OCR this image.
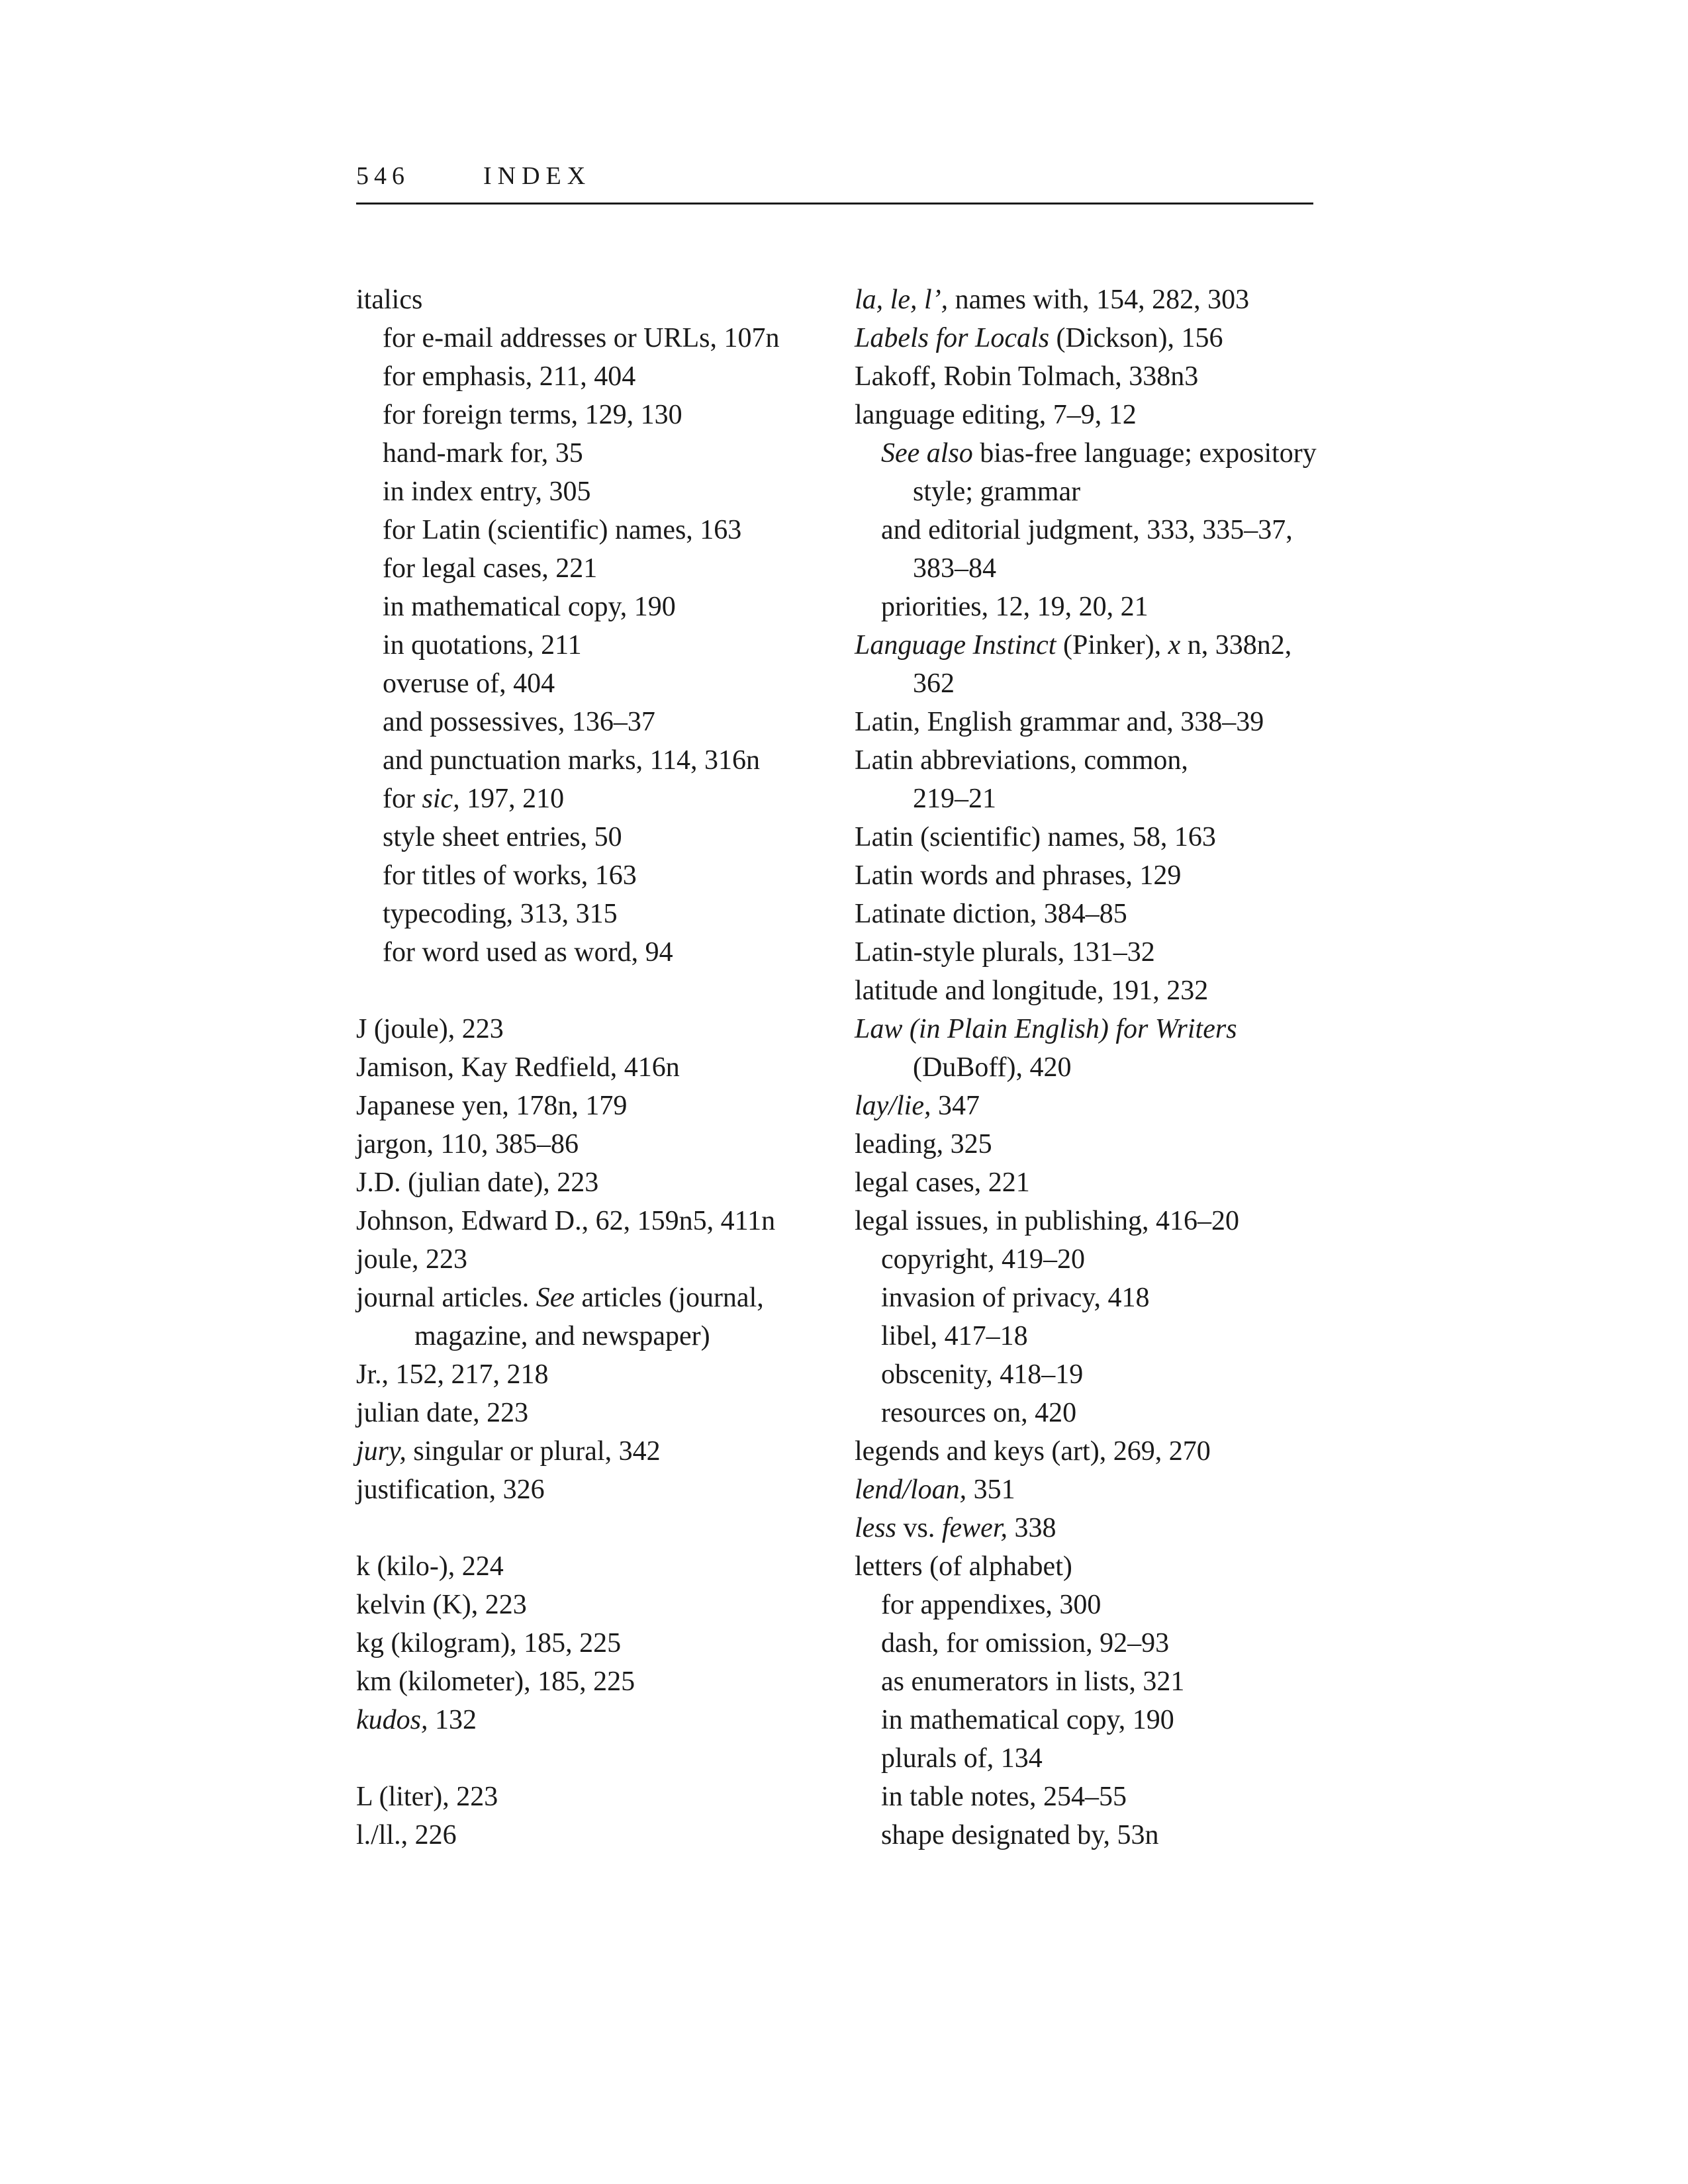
546	INDEX
italics
for e-mail addresses or URLs, 107n
for emphasis, 211, 404
for foreign terms, 129, 130
hand-mark for, 35
in index entry, 305
for Latin (scientific) names, 163
for legal cases, 221
in mathematical copy, 190
in quotations, 211
overuse of, 404
and possessives, 136–37
and punctuation marks, 114, 316n
for sic, 197, 210
style sheet entries, 50
for titles of works, 163
typecoding, 313, 315
for word used as word, 94
J (joule), 223
Jamison, Kay Redfield, 416n
Japanese yen, 178n, 179
jargon, 110, 385–86
J.D. (julian date), 223
Johnson, Edward D., 62, 159n5, 411n
joule, 223
journal articles. See articles (journal,
magazine, and newspaper)
Jr., 152, 217, 218
julian date, 223
jury, singular or plural, 342
justification, 326
k (kilo-), 224
kelvin (K), 223
kg (kilogram), 185, 225
km (kilometer), 185, 225
kudos, 132
L (liter), 223
l./ll., 226
la, le, l’, names with, 154, 282, 303
Labels for Locals (Dickson), 156
Lakoff, Robin Tolmach, 338n3
language editing, 7–9, 12
See also bias-free language; expository
style; grammar
and editorial judgment, 333, 335–37,
383–84
priorities, 12, 19, 20, 21
Language Instinct (Pinker), x n, 338n2,
362
Latin, English grammar and, 338–39
Latin abbreviations, common,
219–21
Latin (scientific) names, 58, 163
Latin words and phrases, 129
Latinate diction, 384–85
Latin-style plurals, 131–32
latitude and longitude, 191, 232
Law (in Plain English) for Writers
(DuBoff), 420
lay/lie, 347
leading, 325
legal cases, 221
legal issues, in publishing, 416–20
copyright, 419–20
invasion of privacy, 418
libel, 417–18
obscenity, 418–19
resources on, 420
legends and keys (art), 269, 270
lend/loan, 351
less vs. fewer, 338
letters (of alphabet)
for appendixes, 300
dash, for omission, 92–93
as enumerators in lists, 321
in mathematical copy, 190
plurals of, 134
in table notes, 254–55
shape designated by, 53n
